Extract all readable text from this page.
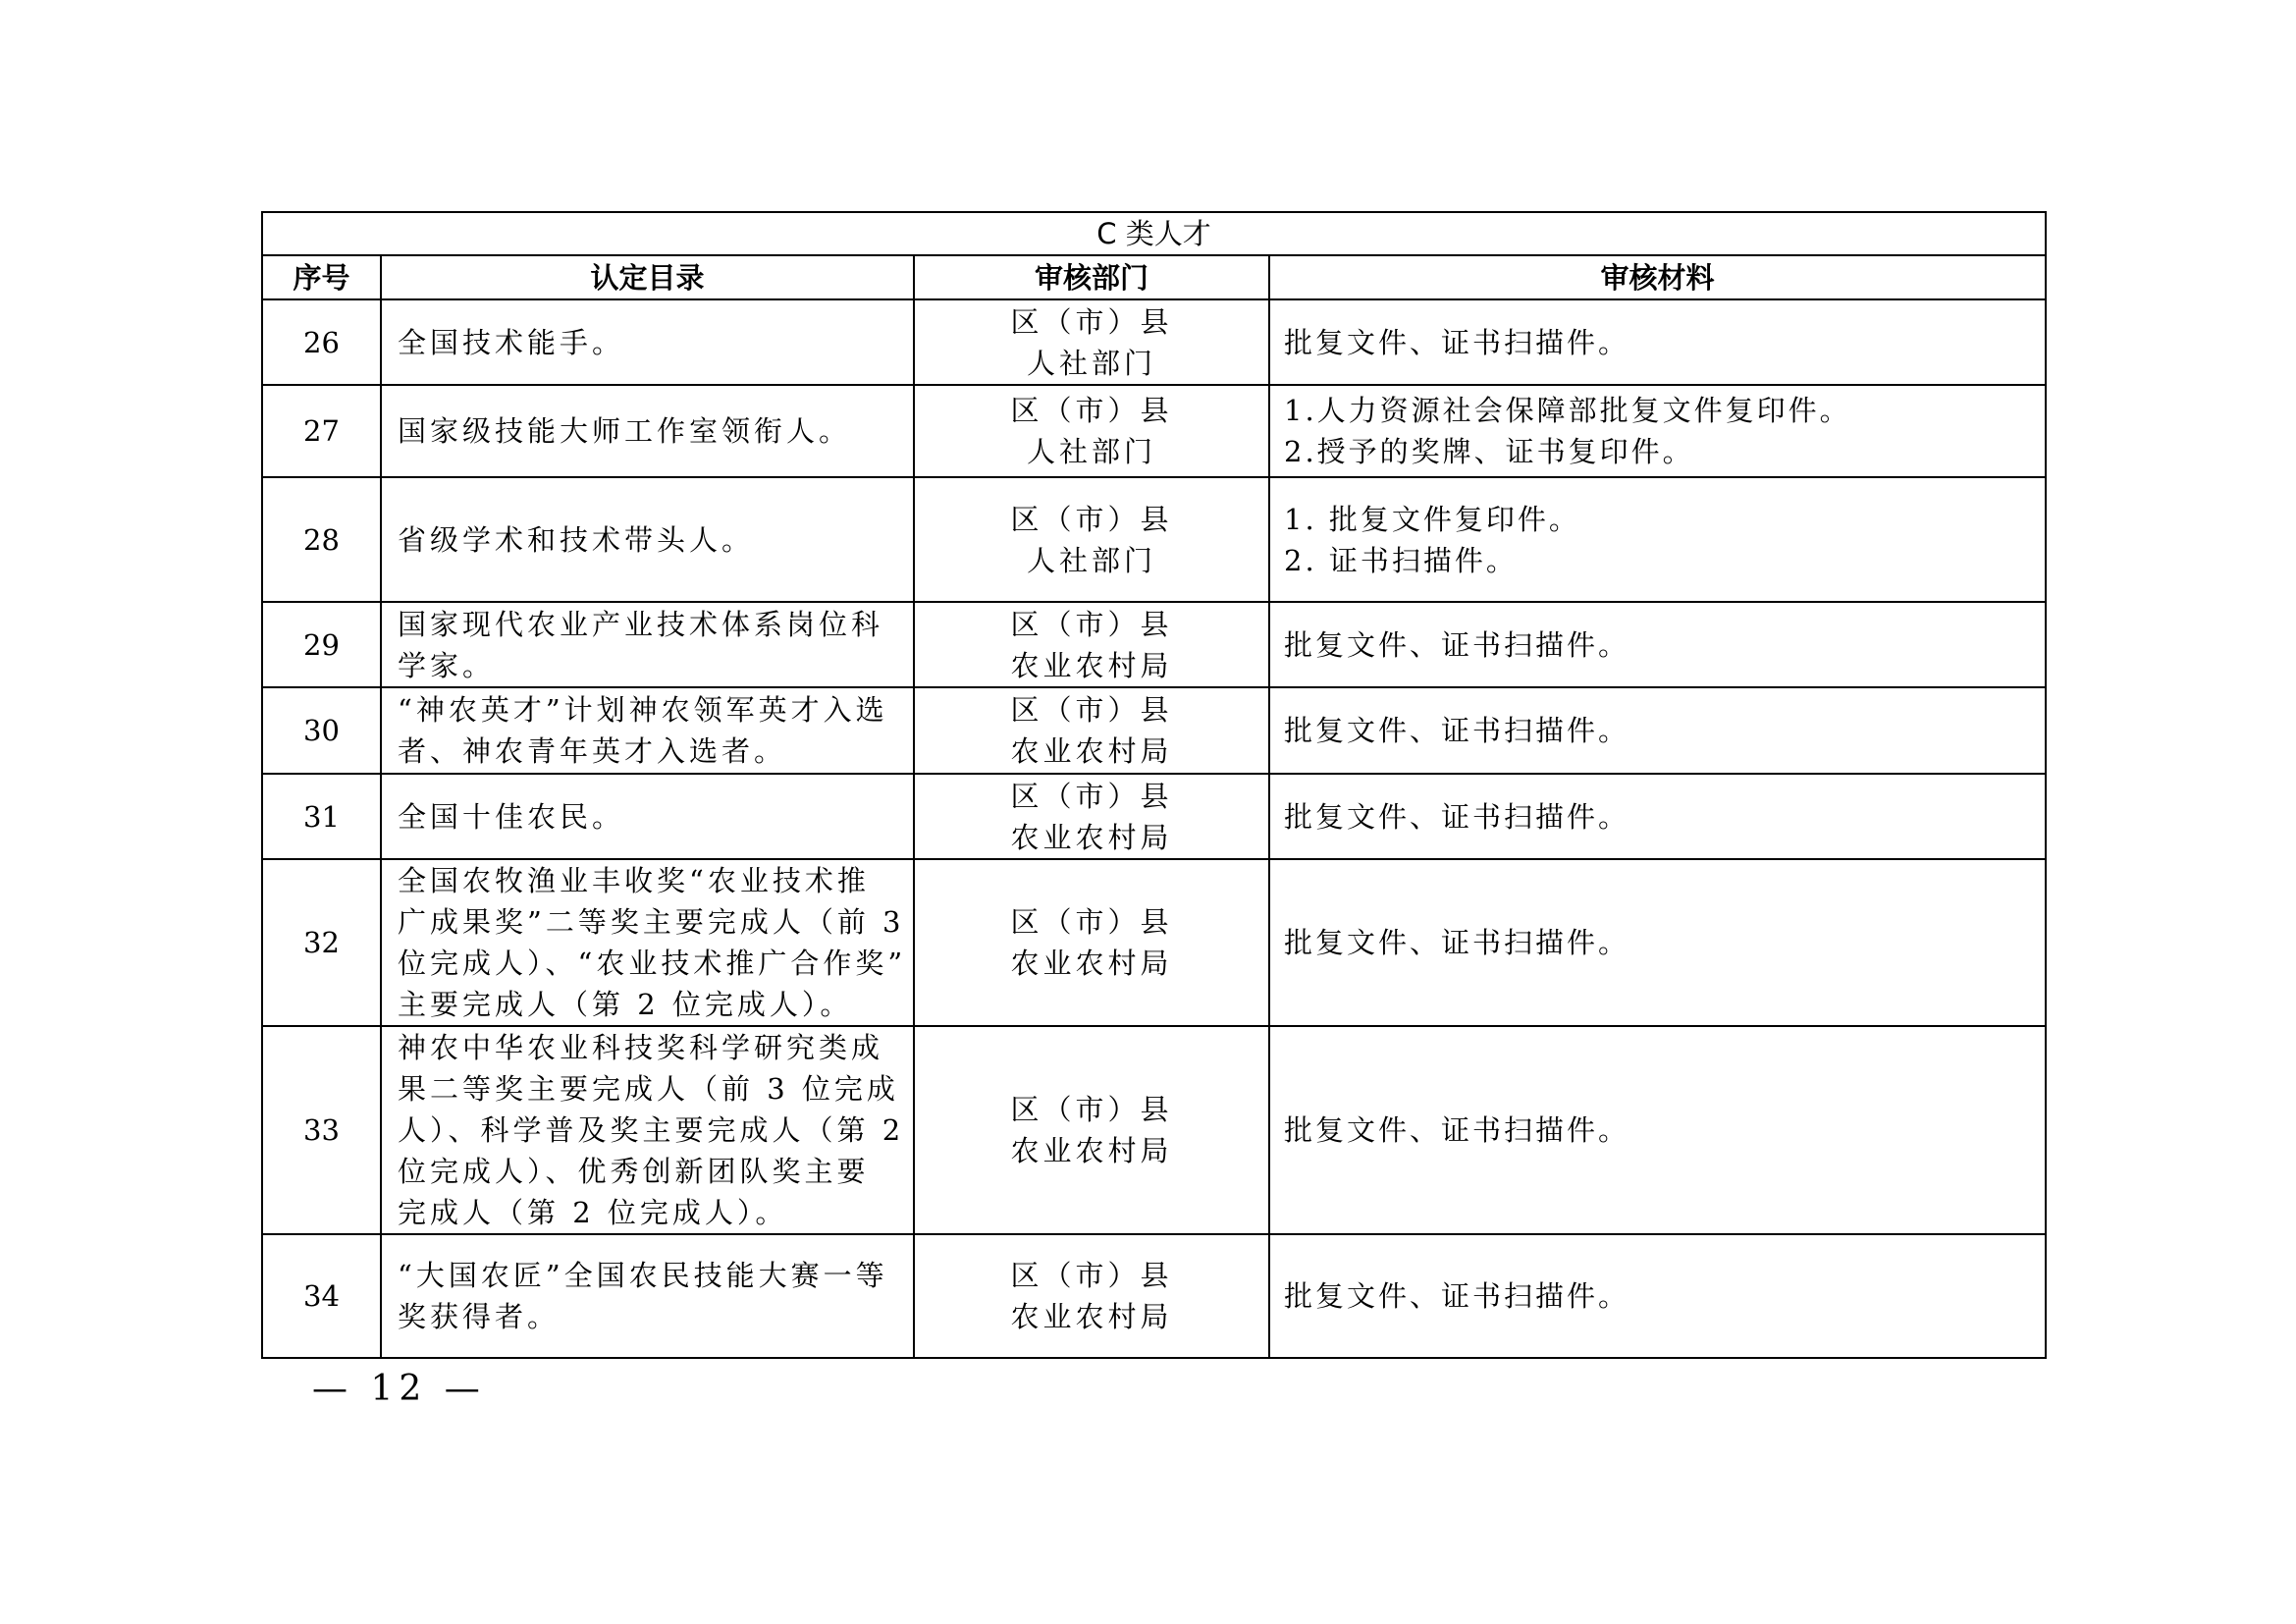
C 类人才			
序号	认定目录	审核部门	审核材料
26	全国技术能手。	区（市）县
人社部门	批复文件、证书扫描件。

27	国家级技能大师工作室领衔人。	区（市）县
人社部门	1.人力资源社会保障部批复文件复印件。
2.授予的奖牌、证书复印件。

28	省级学术和技术带头人。	区（市）县
人社部门	1. 批复文件复印件。
2. 证书扫描件。

29	国家现代农业产业技术体系岗位科
学家。	区（市）县
农业农村局	批复文件、证书扫描件。

30	“神农英才”计划神农领军英才入选
者、神农青年英才入选者。	区（市）县
农业农村局	批复文件、证书扫描件。

31	全国十佳农民。	区（市）县
农业农村局	批复文件、证书扫描件。

32	全国农牧渔业丰收奖“农业技术推
广成果奖”二等奖主要完成人（前 3
位完成人）、“农业技术推广合作奖”
主要完成人（第 2 位完成人）。	区（市）县
农业农村局	批复文件、证书扫描件。

33	神农中华农业科技奖科学研究类成
果二等奖主要完成人（前 3 位完成
人）、科学普及奖主要完成人（第 2
位完成人）、优秀创新团队奖主要
完成人（第 2 位完成人）。	区（市）县
农业农村局	批复文件、证书扫描件。

34	“大国农匠”全国农民技能大赛一等
奖获得者。	区（市）县
农业农村局	批复文件、证书扫描件。
— 12 —
